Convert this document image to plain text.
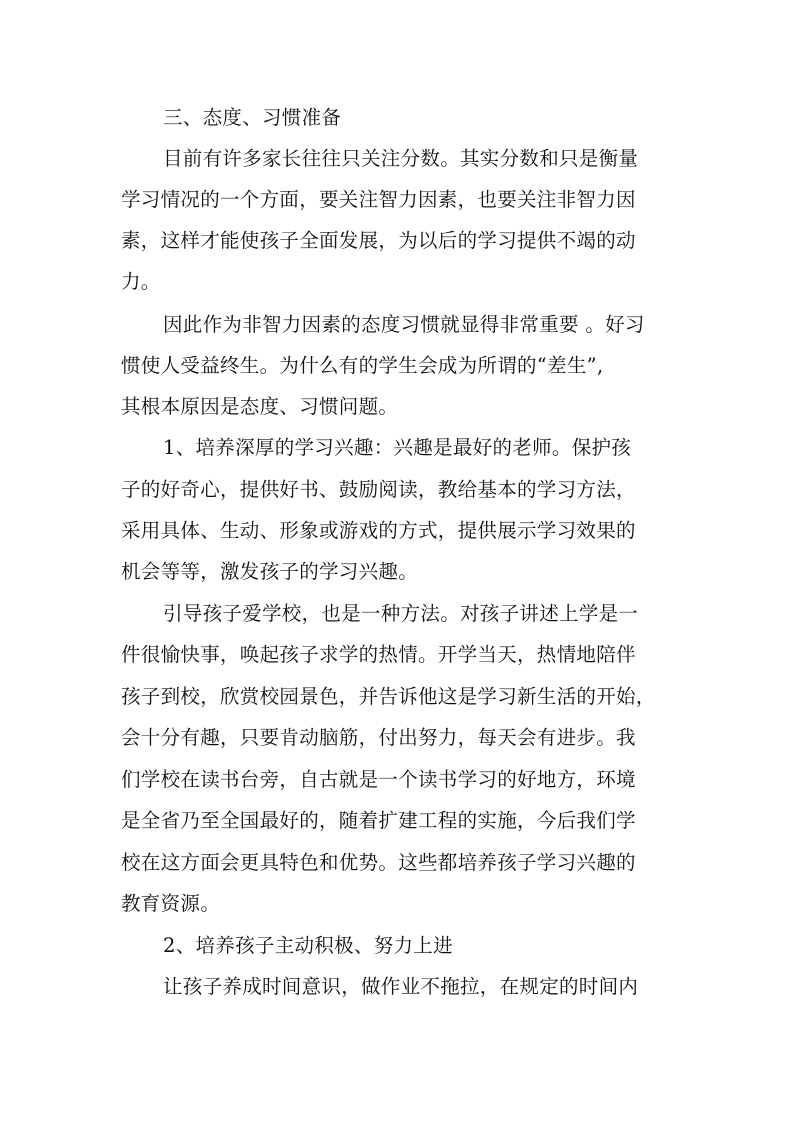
三、态度、习惯准备
目前有许多家长往往只关注分数。其实分数和只是衡量
学习情况的一个方面，要关注智力因素，也要关注非智力因
素，这样才能使孩子全面发展，为以后的学习提供不竭的动
力。
因此作为非智力因素的态度习惯就显得非常重要 。好习
惯使人受益终生。为什么有的学生会成为所谓的“差生”,
其根本原因是态度、习惯问题。
1、培养深厚的学习兴趣：兴趣是最好的老师。保护孩
子的好奇心，提供好书、鼓励阅读，教给基本的学习方法，
采用具体、生动、形象或游戏的方式，提供展示学习效果的
机会等等，激发孩子的学习兴趣。
引导孩子爱学校，也是一种方法。对孩子讲述上学是一
件很愉快事，唤起孩子求学的热情。开学当天，热情地陪伴
孩子到校，欣赏校园景色，并告诉他这是学习新生活的开始，
会十分有趣，只要肯动脑筋，付出努力，每天会有进步。我
们学校在读书台旁，自古就是一个读书学习的好地方，环境
是全省乃至全国最好的，随着扩建工程的实施，今后我们学
校在这方面会更具特色和优势。这些都培养孩子学习兴趣的
教育资源。
2、培养孩子主动积极、努力上进
让孩子养成时间意识，做作业不拖拉，在规定的时间内
